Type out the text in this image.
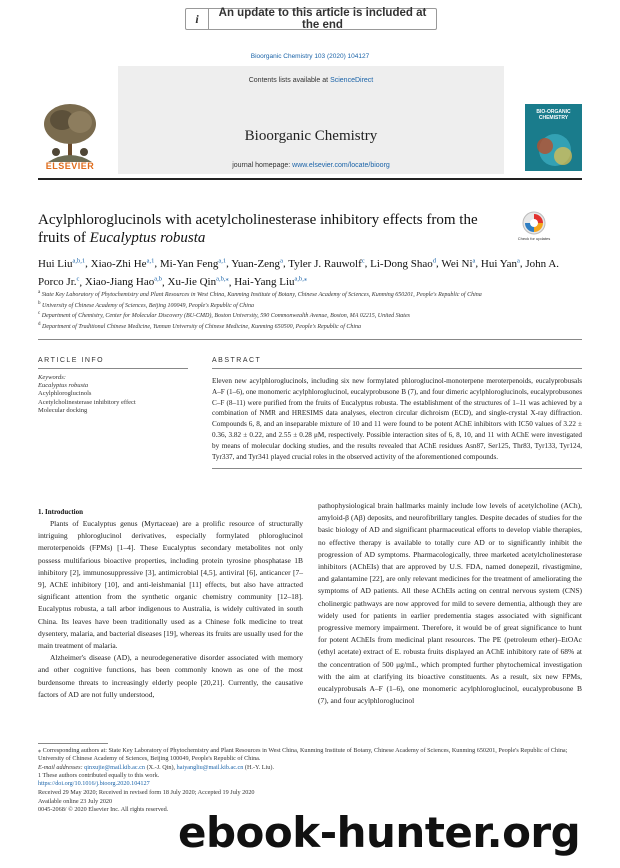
i	An update to this article is included at the end
Bioorganic Chemistry 103 (2020) 104127
ELSEVIER
Contents lists available at ScienceDirect
Bioorganic Chemistry
journal homepage: www.elsevier.com/locate/bioorg
BIO-ORGANIC CHEMISTRY
Acylphloroglucinols with acetylcholinesterase inhibitory effects from the fruits of Eucalyptus robusta	Check for updates
Hui Liu$^{a,b,1}$, Xiao-Zhi He$^{a,1}$, Mi-Yan Feng$^{a,1}$, Yuan-Zeng$^a$, Tyler J. Rauwolf$^c$, Li-Dong Shao$^d$, Wei Ni$^a$, Hui Yan$^a$, John A. Porco Jr.$^c$, Xiao-Jiang Hao$^{a,b}$, Xu-Jie Qin$^{a,b,⁎}$, Hai-Yang Liu$^{a,b,⁎}$

$^a$ State Key Laboratory of Phytochemistry and Plant Resources in West China, Kunming Institute of Botany, Chinese Academy of Sciences, Kunming 650201, People's Republic of China

$^b$ University of Chinese Academy of Sciences, Beijing 100049, People's Republic of China

$^c$ Department of Chemistry, Center for Molecular Discovery (BU-CMD), Boston University, 590 Commonwealth Avenue, Boston, MA 02215, United States

$^d$ Department of Traditional Chinese Medicine, Yunnan University of Chinese Medicine, Kunming 650500, People's Republic of China

ARTICLE INFO
Keywords:
Eucalyptus robusta
Acylphloroglucinols
Acetylcholinesterase inhibitory effect
Molecular docking
ABSTRACT
Eleven new acylphloroglucinols, including six new formylated phloroglucinol-monoterpene meroterpenoids, eucalyprobusals A–F (1–6), one monomeric acylphloroglucinol, eucalyprobusone B (7), and four dimeric acylphloroglucinols, eucalyprobusones C–F (8–11) were purified from the fruits of Eucalyptus robusta. The establishment of the structures of 1–11 was achieved by a combination of NMR and HRESIMS data analyses, electron circular dichroism (ECD), and single-crystal X-ray diffraction. Compounds 6, 8, and an inseparable mixture of 10 and 11 were found to be potent AChE inhibitors with IC50 values of 3.22 ± 0.36, 3.82 ± 0.22, and 2.55 ± 0.28 μM, respectively. Possible interaction sites of 6, 8, 10, and 11 with AChE were investigated by means of molecular docking studies, and the results revealed that AChE residues Asn87, Ser125, Thr83, Tyr133, Tyr124, Tyr337, and Tyr341 played crucial roles in the observed activity of the aforementioned compounds.
1. Introduction

Plants of Eucalyptus genus (Myrtaceae) are a prolific resource of structurally intriguing phloroglucinol derivatives, especially formylated phloroglucinol meroterpenoids (FPMs) [1–4]. These Eucalyptus secondary metabolites not only possess multifarious bioactive properties, including protein tyrosine phosphatase 1B inhibitory [2], immunosuppressive [3], antimicrobial [4,5], antiviral [6], anticancer [7–9], AChE inhibitory [10], and anti-leishmanial [11] effects, but also have attracted significant attention from the synthetic organic chemistry community [12–18]. Eucalyptus robusta, a tall arbor indigenous to Australia, is widely cultivated in south China. Its leaves have been traditionally used as a Chinese folk medicine to treat dysentery, malaria, and bacterial diseases [19], whereas its fruits are usually used for the main treatment of malaria.

Alzheimer's disease (AD), a neurodegenerative disorder associated with memory and other cognitive functions, has been commonly known as one of the most burdensome threats to increasingly elderly people [20,21]. Currently, the causative factors of AD are not fully understood,

pathophysiological brain hallmarks mainly include low levels of acetylcholine (ACh), amyloid-β (Aβ) deposits, and neurofibrillary tangles. Despite decades of studies for the basic biology of AD and significant pharmaceutical efforts to develop viable therapies, no effective therapy is available to totally cure AD or to significantly inhibit the progression of AD symptoms. Pharmacologically, three marketed acetylcholinesterase inhibitors (AChEIs) that are approved by U.S. FDA, named donepezil, rivastigmine, and galantamine [22], are only relevant medicines for the treatment of ameliorating the symptoms of AD patients. All these AChEIs acting on central nervous system (CNS) cholinergic pathways are now approved for mild to severe dementia, although they are widely used for patients in earlier predementia stages associated with significant progressive memory impairment. Therefore, it would be of great significance to hunt for potent AChEIs from medicinal plant resources. The PE (petroleum ether)–EtOAc (ethyl acetate) extract of E. robusta fruits displayed an AChE inhibitory rate of 68% at the concentration of 500 μg/mL, which prompted further phytochemical investigation with the aim at clarifying its bioactive constituents. As a result, six new FPMs, eucalyprobusals A–F (1–6), one monomeric acylphloroglucinol, eucalyprobusone B (7), and four acylphloroglucinol

⁎ Corresponding authors at: State Key Laboratory of Phytochemistry and Plant Resources in West China, Kunming Institute of Botany, Chinese Academy of Sciences, Kunming 650201, People's Republic of China; University of Chinese Academy of Sciences, Beijing 100049, People's Republic of China.

E-mail addresses: qinxujie@mail.kib.ac.cn (X.-J. Qin), haiyangliu@mail.kib.ac.cn (H.-Y. Liu).

1 These authors contributed equally to this work.

https://doi.org/10.1016/j.bioorg.2020.104127
Received 29 May 2020; Received in revised form 18 July 2020; Accepted 19 July 2020
Available online 23 July 2020
0045-2068/ © 2020 Elsevier Inc. All rights reserved. ebook-hunter.org
